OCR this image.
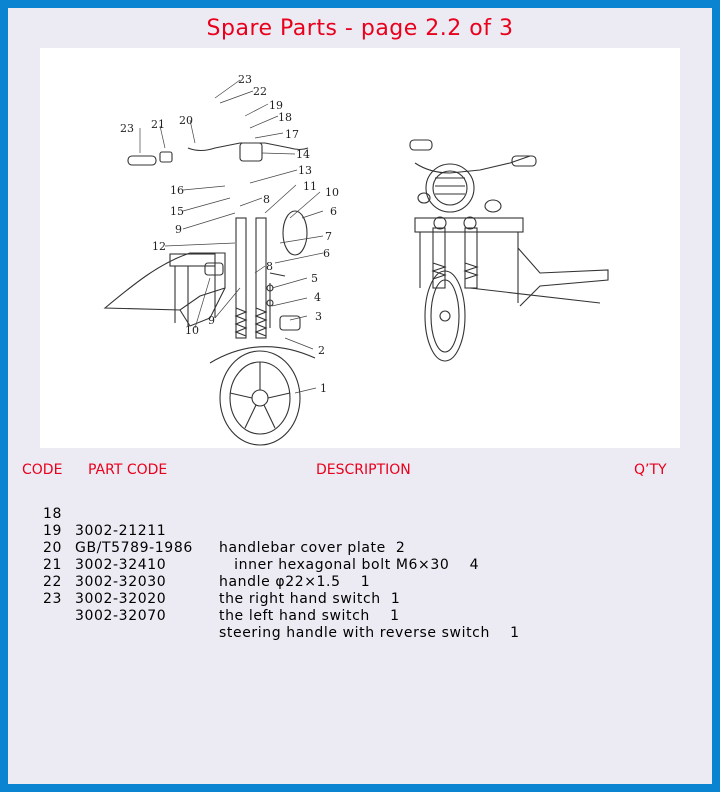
Spare Parts - page 2.2 of 3
23
22
19
18
17
14
13
8
11 10
6
7
6
8
5
4
3
2
1
23 21 20
16
15
9
12
9
10
CODE PART CODE	DESCRIPTION	Q’TY

18

3002-21211

handlebar cover plate  2

19

GB/T5789-1986

inner hexagonal bolt M6×30    4

20

3002-32410

handle φ22×1.5    1

21

3002-32030

the right hand switch  1

22

3002-32020

the left hand switch    1

23

3002-32070

steering handle with reverse switch    1
